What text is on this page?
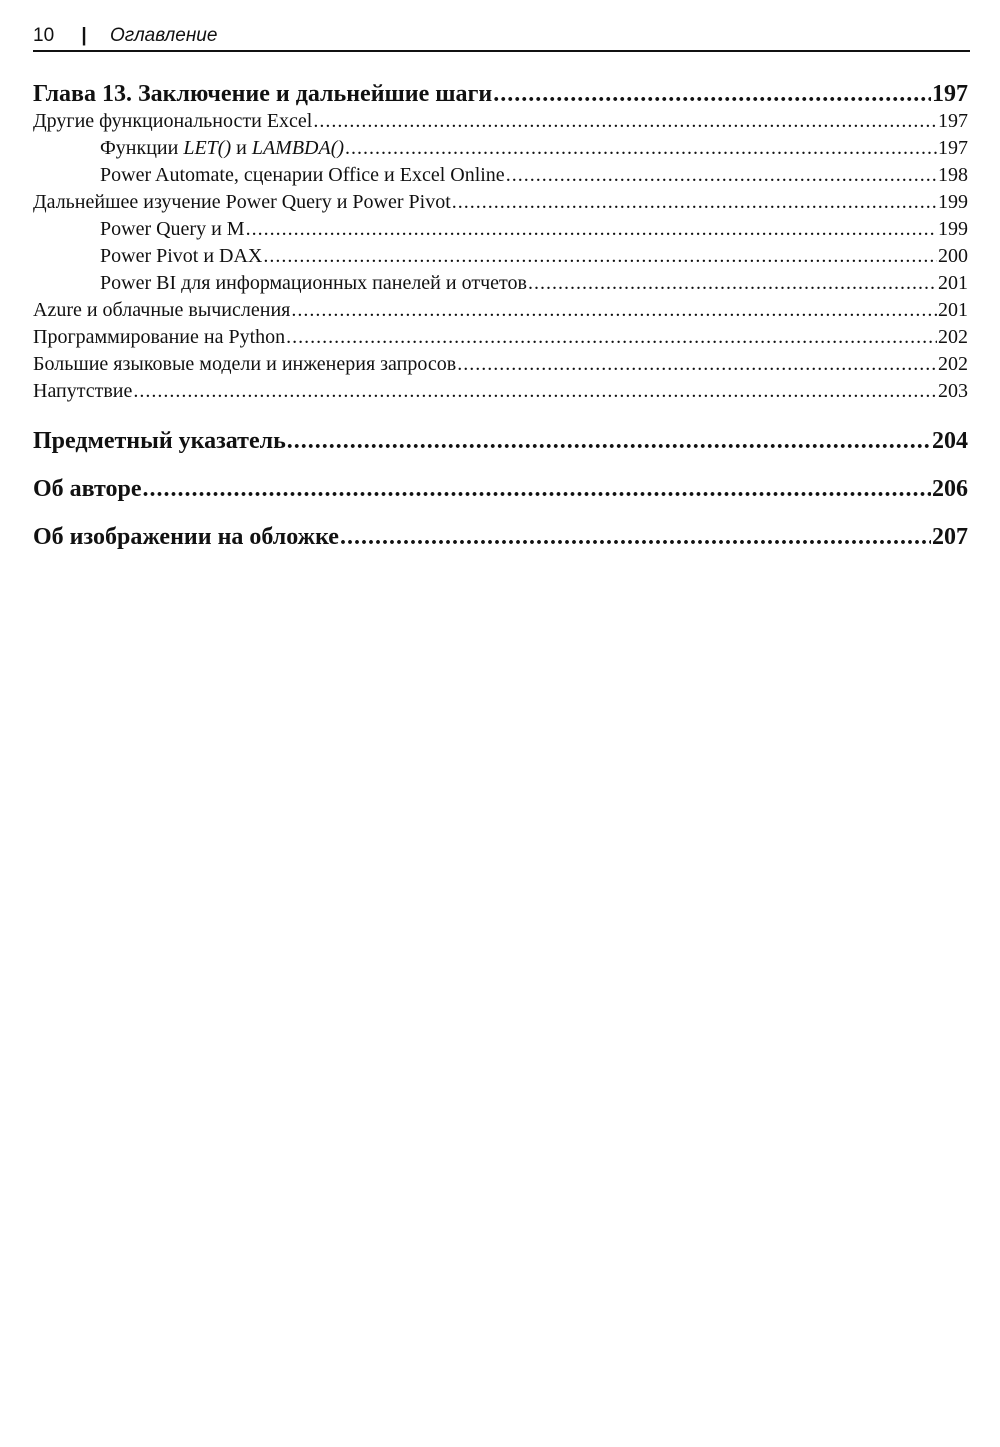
10 | Оглавление
Глава 13. Заключение и дальнейшие шаги .....	197
Другие функциональности Excel .....	197
Функции LET() и LAMBDA() .....	197
Power Automate, сценарии Office и Excel Online .....	198
Дальнейшее изучение Power Query и Power Pivot .....	199
Power Query и M .....	199
Power Pivot и DAX .....	200
Power BI для информационных панелей и отчетов .....	201
Azure и облачные вычисления .....	201
Программирование на Python .....	202
Большие языковые модели и инженерия запросов .....	202
Напутствие .....	203
Предметный указатель .....	204
Об авторе .....	206
Об изображении на обложке .....	207
